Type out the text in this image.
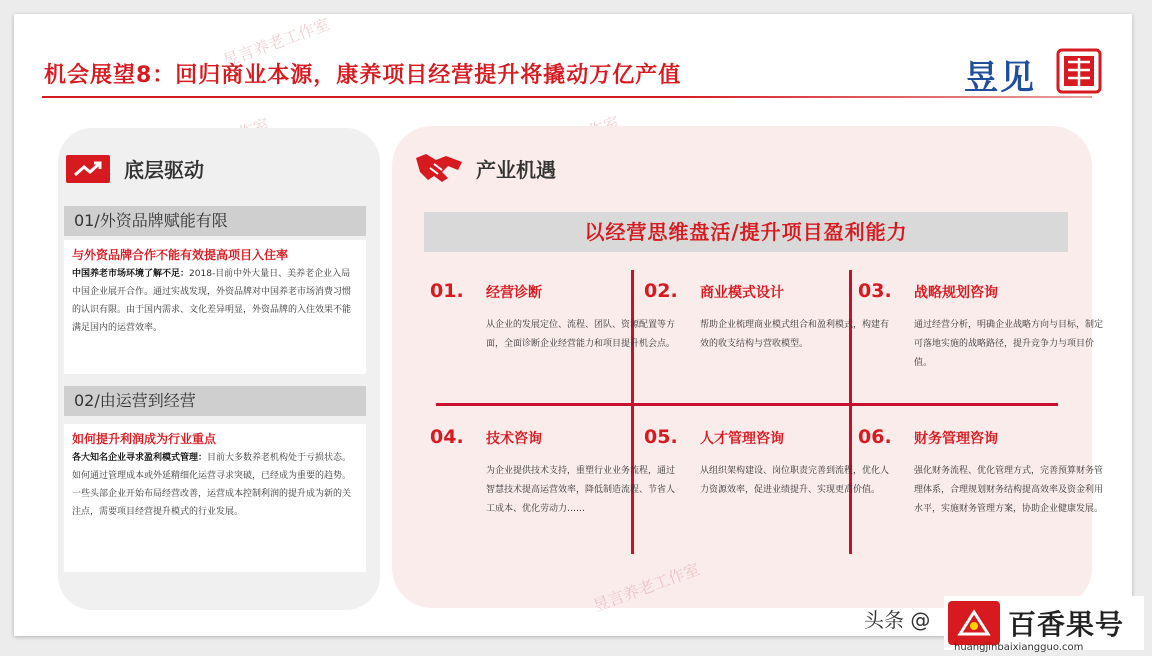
机会展望8：回归商业本源，康养项目经营提升将撬动万亿产值	昱见
昱言养老工作室
底层驱动
01/外资品牌赋能有限
与外资品牌合作不能有效提高项目入住率
中国养老市场环境了解不足：2018-目前中外大量日、美养老企业入局中国企业展开合作。通过实战发现，外资品牌对中国养老市场消费习惯的认识有限。由于国内需求、文化差异明显，外资品牌的入住效果不能满足国内的运营效率。
02/由运营到经营
如何提升利润成为行业重点
各大知名企业寻求盈利模式管理：目前大多数养老机构处于亏损状态。如何通过管理成本或外延精细化运营寻求突破，已经成为重要的趋势。一些头部企业开始布局经营改善，运营成本控制利润的提升成为新的关注点，需要项目经营提升模式的行业发展。
产业机遇
以经营思维盘活/提升项目盈利能力
01. 经营诊断
从企业的发展定位、流程、团队、资源配置等方面，全面诊断企业经营能力和项目提升机会点。
02. 商业模式设计
帮助企业梳理商业模式组合和盈利模式，构建有效的收支结构与营收模型。
03. 战略规划咨询
通过经营分析，明确企业战略方向与目标，制定可落地实施的战略路径，提升竞争力与项目价值。
04. 技术咨询
为企业提供技术支持，重塑行业业务流程，通过智慧技术提高运营效率，降低制造流程、节省人工成本、优化劳动力……
05. 人才管理咨询
从组织架构建设、岗位职责完善到流程，优化人力资源效率，促进业绩提升、实现更高价值。
06. 财务管理咨询
强化财务流程、优化管理方式，完善预算财务管理体系，合理规划财务结构提高效率及资金利用水平，实施财务管理方案，协助企业健康发展。
昱言养老工作室
头条 @	百香果号
huangjinbaixiangguo.com
